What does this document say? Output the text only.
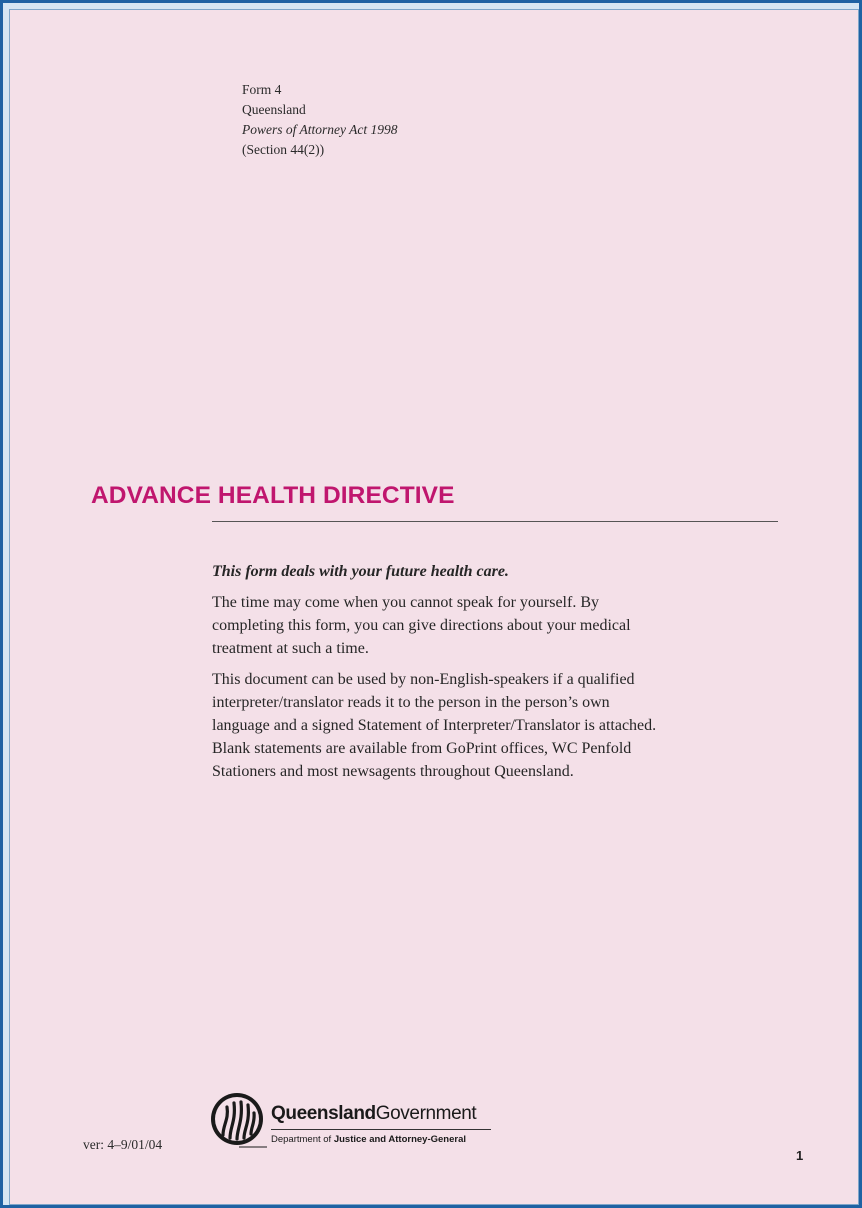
Form 4
Queensland
Powers of Attorney Act 1998
(Section 44(2))
ADVANCE HEALTH DIRECTIVE
This form deals with your future health care.

The time may come when you cannot speak for yourself. By
completing this form, you can give directions about your medical
treatment at such a time.

This document can be used by non-English-speakers if a qualified
interpreter/translator reads it to the person in the person’s own
language and a signed Statement of Interpreter/Translator is attached.
Blank statements are available from GoPrint offices, WC Penfold
Stationers and most newsagents throughout Queensland.

ver: 4–9/01/04
QueenslandGovernment
Department of Justice and Attorney-General
1
